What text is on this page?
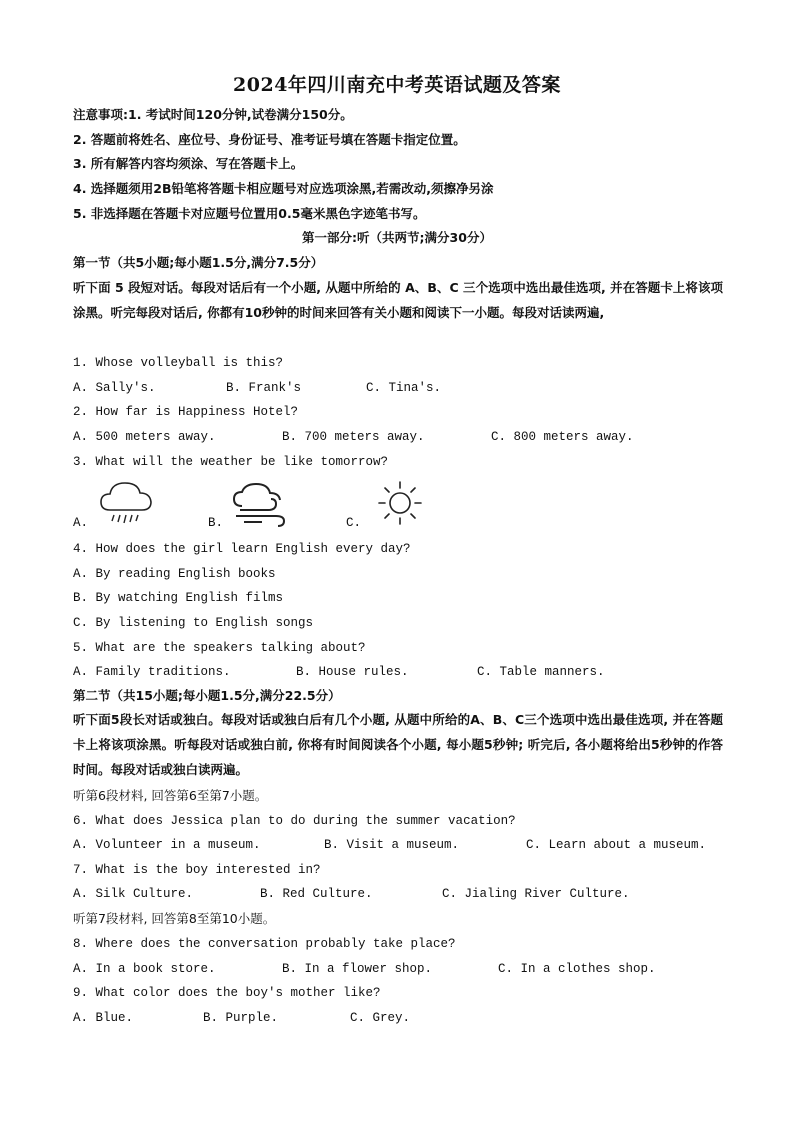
2024年四川南充中考英语试题及答案
注意事项:1. 考试时间120分钟,试卷满分150分。
2. 答题前将姓名、座位号、身份证号、准考证号填在答题卡指定位置。
3. 所有解答内容均须涂、写在答题卡上。
4. 选择题须用2B铅笔将答题卡相应题号对应选项涂黑,若需改动,须擦净另涂
5. 非选择题在答题卡对应题号位置用0.5毫米黑色字迹笔书写。
第一部分:听（共两节;满分30分）
第一节（共5小题;每小题1.5分,满分7.5分）
听下面 5 段短对话。每段对话后有一个小题, 从题中所给的 A、B、C 三个选项中选出最佳选项, 并在答题卡上将该项涂黑。听完每段对话后, 你都有10秒钟的时间来回答有关小题和阅读下一小题。每段对话读两遍,
1. Whose volleyball is this?
A. Sally's.	B. Frank's	C. Tina's.
2. How far is Happiness Hotel?
A. 500 meters away.	B. 700 meters away.	C. 800 meters away.
3. What will the weather be like tomorrow?
A.	B.	C.
4. How does the girl learn English every day?
A. By reading English books
B. By watching English films
C. By listening to English songs
5. What are the speakers talking about?
A. Family traditions.	B. House rules.	C. Table manners.
第二节（共15小题;每小题1.5分,满分22.5分）
听下面5段长对话或独白。每段对话或独白后有几个小题, 从题中所给的A、B、C三个选项中选出最佳选项, 并在答题卡上将该项涂黑。听每段对话或独白前, 你将有时间阅读各个小题, 每小题5秒钟; 听完后, 各小题将给出5秒钟的作答时间。每段对话或独白读两遍。
听第6段材料, 回答第6至第7小题。
6. What does Jessica plan to do during the summer vacation?
A. Volunteer in a museum.	B. Visit a museum.	C. Learn about a museum.
7. What is the boy interested in?
A. Silk Culture.	B. Red Culture.	C. Jialing River Culture.
听第7段材料, 回答第8至第10小题。
8. Where does the conversation probably take place?
A. In a book store.	B. In a flower shop.	C. In a clothes shop.
9. What color does the boy's mother like?
A. Blue.	B. Purple.	C. Grey.
